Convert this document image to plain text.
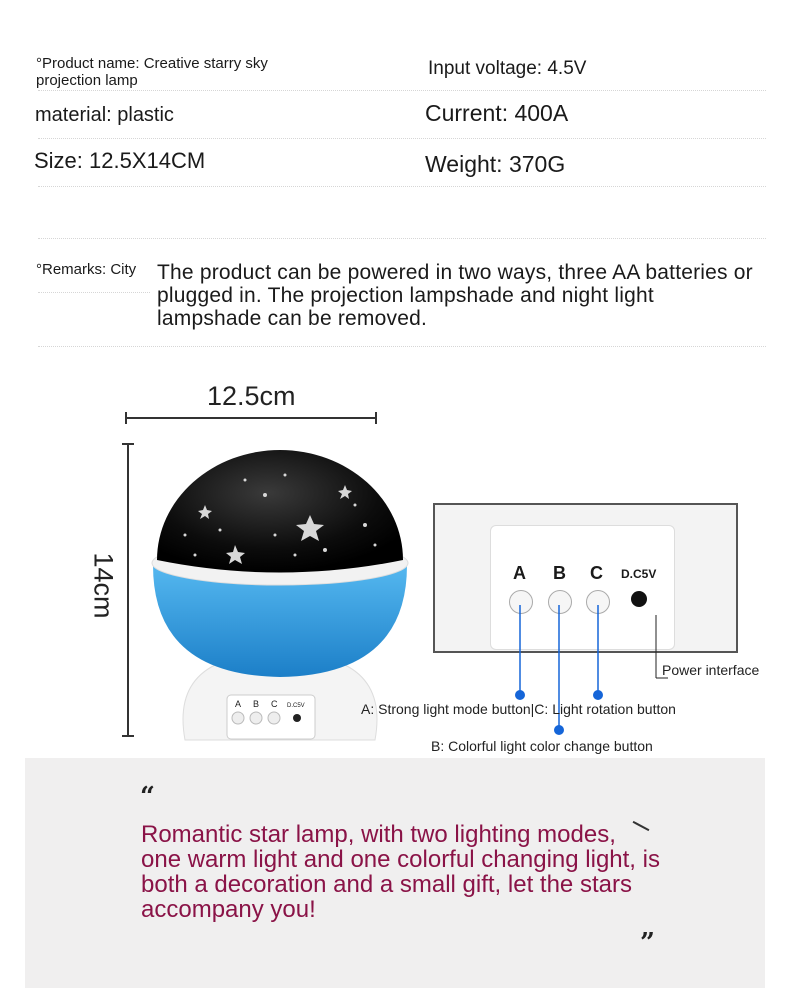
°Product name: Creative starry sky projection lamp
Input voltage: 4.5V
material: plastic	Current: 400A
Size: 12.5X14CM	Weight: 370G
°Remarks: City The product can be powered in two ways, three AA batteries or plugged in. The projection lampshade and night light lampshade can be removed.
12.5cm
14cm
A B C D.C5V
A B C D.C5V
Power interface
A: Strong light mode button|C: Light rotation button
B: Colorful light color change button
“
Romantic star lamp, with two lighting modes, one warm light and one colorful changing light, is both a decoration and a small gift, let the stars accompany you!
”
